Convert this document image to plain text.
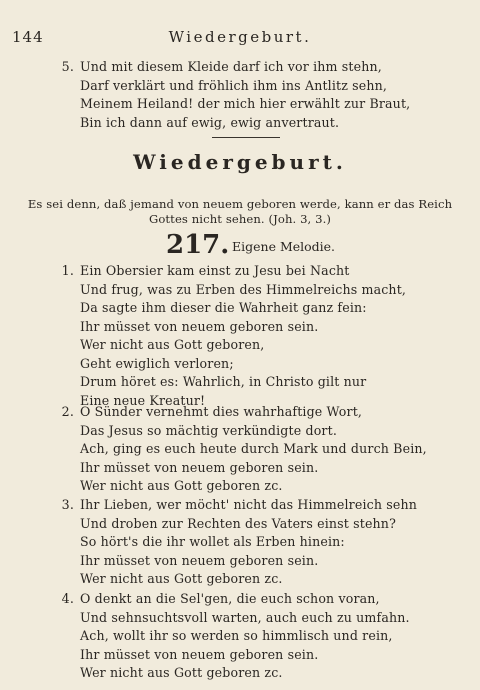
144	Wiedergeburt.
5. Und mit diesem Kleide darf ich vor ihm stehn,
Darf verklärt und fröhlich ihm ins Antlitz sehn,
Meinem Heiland! der mich hier erwählt zur Braut,
Bin ich dann auf ewig, ewig anvertraut.
Wiedergeburt.
Es sei denn, daß jemand von neuem geboren werde, kann er das Reich
Gottes nicht sehen. (Joh. 3, 3.)
217. Eigene Melodie.
1. Ein Obersier kam einst zu Jesu bei Nacht
Und frug, was zu Erben des Himmelreichs macht,
Da sagte ihm dieser die Wahrheit ganz fein:
Ihr müsset von neuem geboren sein.
Wer nicht aus Gott geboren,
Geht ewiglich verloren;
Drum höret es: Wahrlich, in Christo gilt nur
Eine neue Kreatur!
2. O Sünder vernehmt dies wahrhaftige Wort,
Das Jesus so mächtig verkündigte dort.
Ach, ging es euch heute durch Mark und durch Bein,
Ihr müsset von neuem geboren sein.
Wer nicht aus Gott geboren zc.
3. Ihr Lieben, wer möcht' nicht das Himmelreich sehn
Und droben zur Rechten des Vaters einst stehn?
So hört's die ihr wollet als Erben hinein:
Ihr müsset von neuem geboren sein.
Wer nicht aus Gott geboren zc.
4. O denkt an die Sel'gen, die euch schon voran,
Und sehnsuchtsvoll warten, auch euch zu umfahn.
Ach, wollt ihr so werden so himmlisch und rein,
Ihr müsset von neuem geboren sein.
Wer nicht aus Gott geboren zc.
